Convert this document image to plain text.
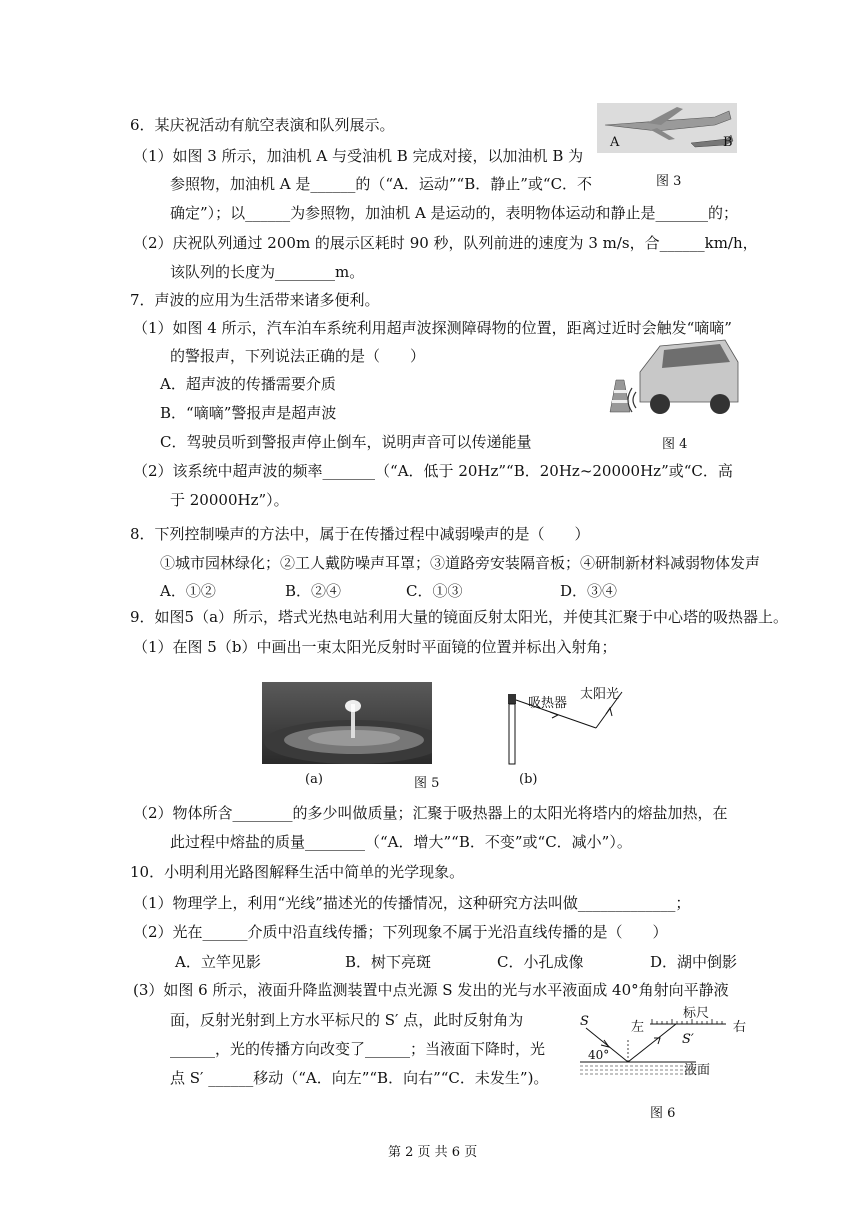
6．某庆祝活动有航空表演和队列展示。
（1）如图 3 所示，加油机 A 与受油机 B 完成对接，以加油机 B 为
参照物，加油机 A 是______的（“A．运动”“B．静止”或“C．不
确定”）；以______为参照物，加油机 A 是运动的，表明物体运动和静止是_______的；
（2）庆祝队列通过 200m 的展示区耗时 90 秒，队列前进的速度为 3 m/s，合______km/h，
该队列的长度为________m。
A	B
图 3
7．声波的应用为生活带来诸多便利。
（1）如图 4 所示，汽车泊车系统利用超声波探测障碍物的位置，距离过近时会触发“嘀嘀”
的警报声，下列说法正确的是（　　）
A．超声波的传播需要介质
B．“嘀嘀”警报声是超声波
C．驾驶员听到警报声停止倒车，说明声音可以传递能量
（2）该系统中超声波的频率_______（“A．低于 20Hz”“B．20Hz~20000Hz”或“C．高
于 20000Hz”）。
图 4
8．下列控制噪声的方法中，属于在传播过程中减弱噪声的是（　　）
①城市园林绿化；②工人戴防噪声耳罩；③道路旁安装隔音板；④研制新材料减弱物体发声
A．①②	B．②④	C．①③	D．③④
9．如图5（a）所示，塔式光热电站利用大量的镜面反射太阳光，并使其汇聚于中心塔的吸热器上。
（1）在图 5（b）中画出一束太阳光反射时平面镜的位置并标出入射角；
(a)	图 5	(b)
吸热器
太阳光
（2）物体所含________的多少叫做质量；汇聚于吸热器上的太阳光将塔内的熔盐加热，在
此过程中熔盐的质量________（“A．增大”“B．不变”或“C．减小”）。
10．小明利用光路图解释生活中简单的光学现象。
（1）物理学上，利用“光线”描述光的传播情况，这种研究方法叫做_____________；
（2）光在______介质中沿直线传播；下列现象不属于光沿直线传播的是（　　）
A．立竿见影	B．树下亮斑	C．小孔成像	D．湖中倒影
(3）如图 6 所示，液面升降监测装置中点光源 S 发出的光与水平液面成 40°角射向平静液
面，反射光射到上方水平标尺的 S′ 点，此时反射角为
______，光的传播方向改变了______；当液面下降时，光
点 S′ ______移动（“A．向左”“B．向右”“C．未发生”)。
标尺
左	右
S
S′
40°
液面
图 6
第 2 页 共 6 页
